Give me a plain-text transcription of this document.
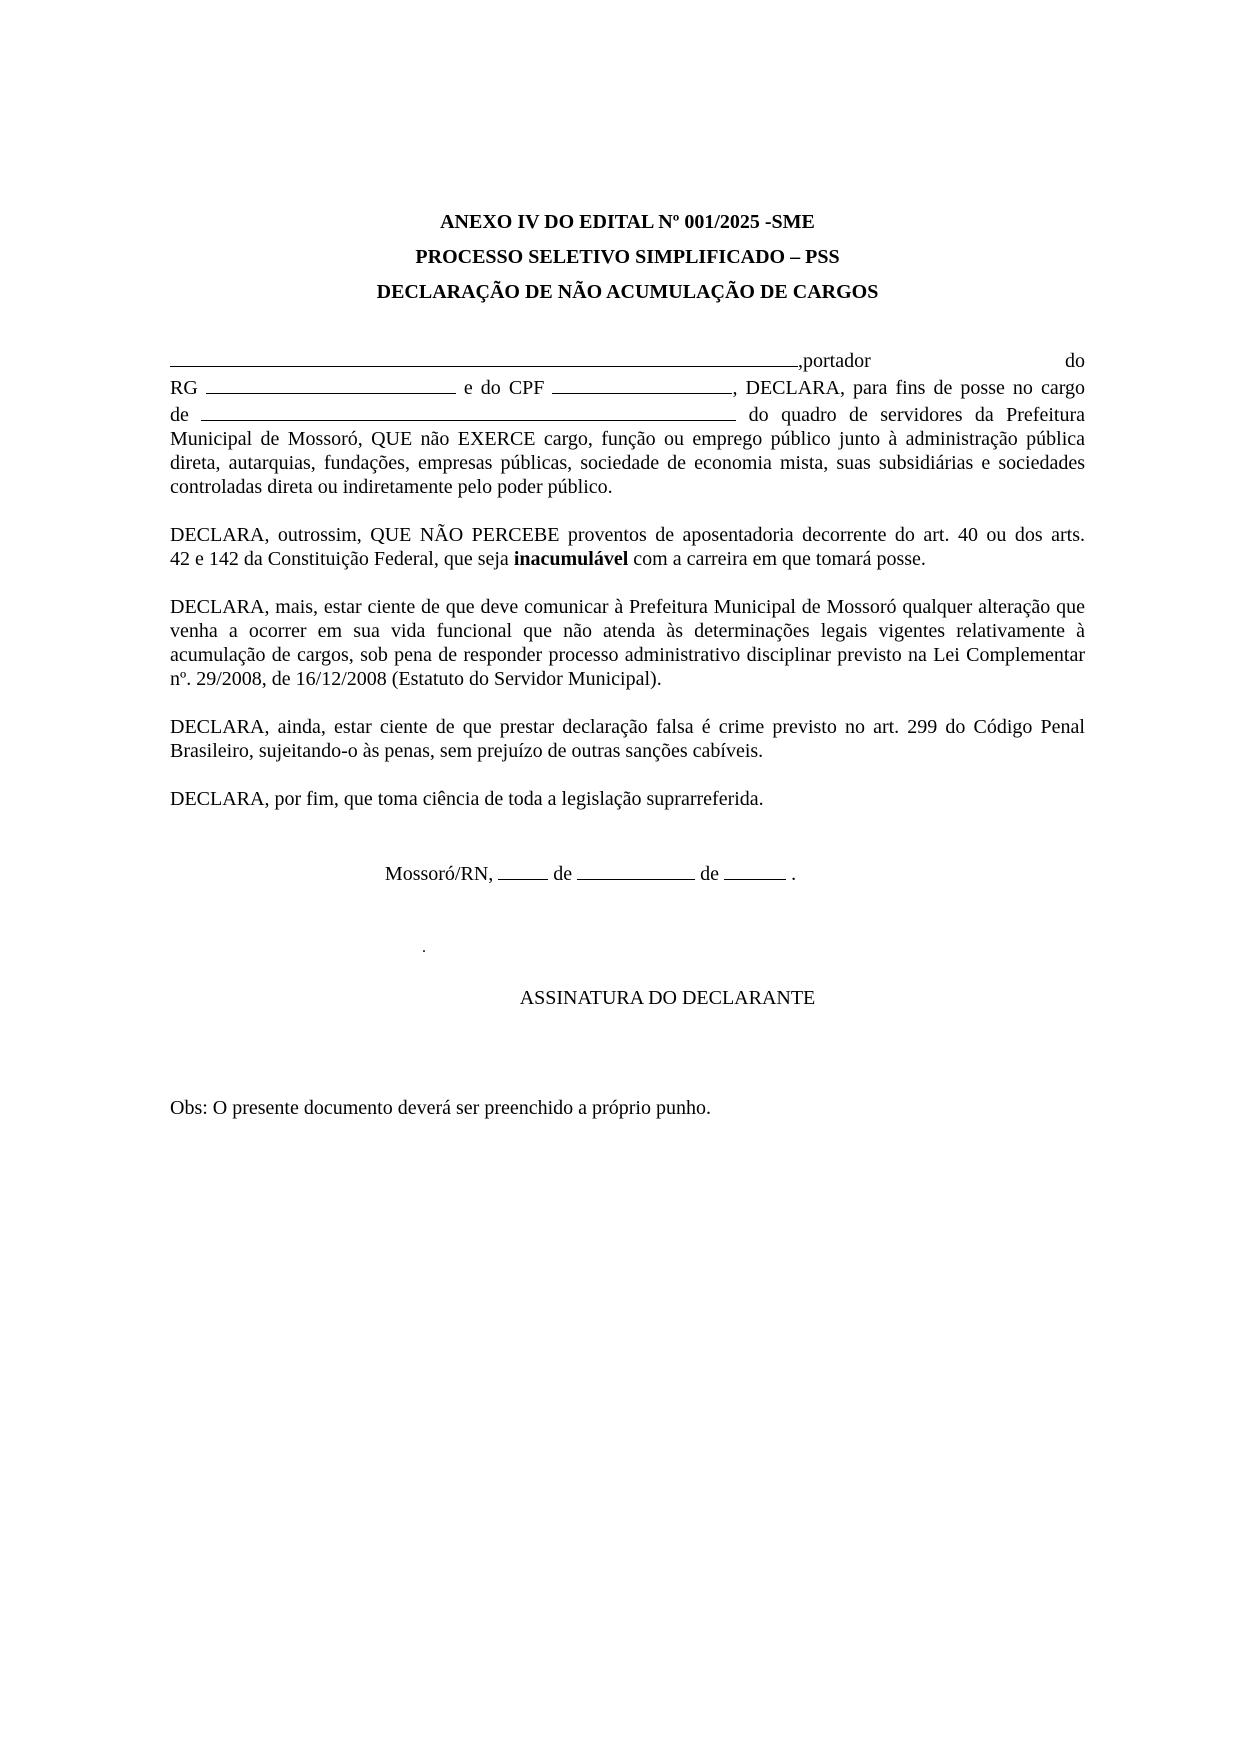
ANEXO IV DO EDITAL Nº 001/2025 -SME
PROCESSO SELETIVO SIMPLIFICADO – PSS
DECLARAÇÃO DE NÃO ACUMULAÇÃO DE CARGOS
,portador do
RG	e do CPF	, DECLARA, para fins de posse no cargo
de	do quadro de servidores da Prefeitura
Municipal de Mossoró, QUE não EXERCE cargo, função ou emprego público junto à administração pública
direta, autarquias, fundações, empresas públicas, sociedade de economia mista, suas subsidiárias e sociedades
controladas direta ou indiretamente pelo poder público.
DECLARA, outrossim, QUE NÃO PERCEBE proventos de aposentadoria decorrente do art. 40 ou dos arts.
42 e 142 da Constituição Federal, que seja inacumulável com a carreira em que tomará posse.
DECLARA, mais, estar ciente de que deve comunicar à Prefeitura Municipal de Mossoró qualquer alteração que
venha a ocorrer em sua vida funcional que não atenda às determinações legais vigentes relativamente à
acumulação de cargos, sob pena de responder processo administrativo disciplinar previsto na Lei Complementar
nº. 29/2008, de 16/12/2008 (Estatuto do Servidor Municipal).
DECLARA, ainda, estar ciente de que prestar declaração falsa é crime previsto no art. 299 do Código Penal
Brasileiro, sujeitando-o às penas, sem prejuízo de outras sanções cabíveis.
DECLARA, por fim, que toma ciência de toda a legislação suprarreferida.
Mossoró/RN,	de	de	.
.
ASSINATURA DO DECLARANTE
Obs: O presente documento deverá ser preenchido a próprio punho.
